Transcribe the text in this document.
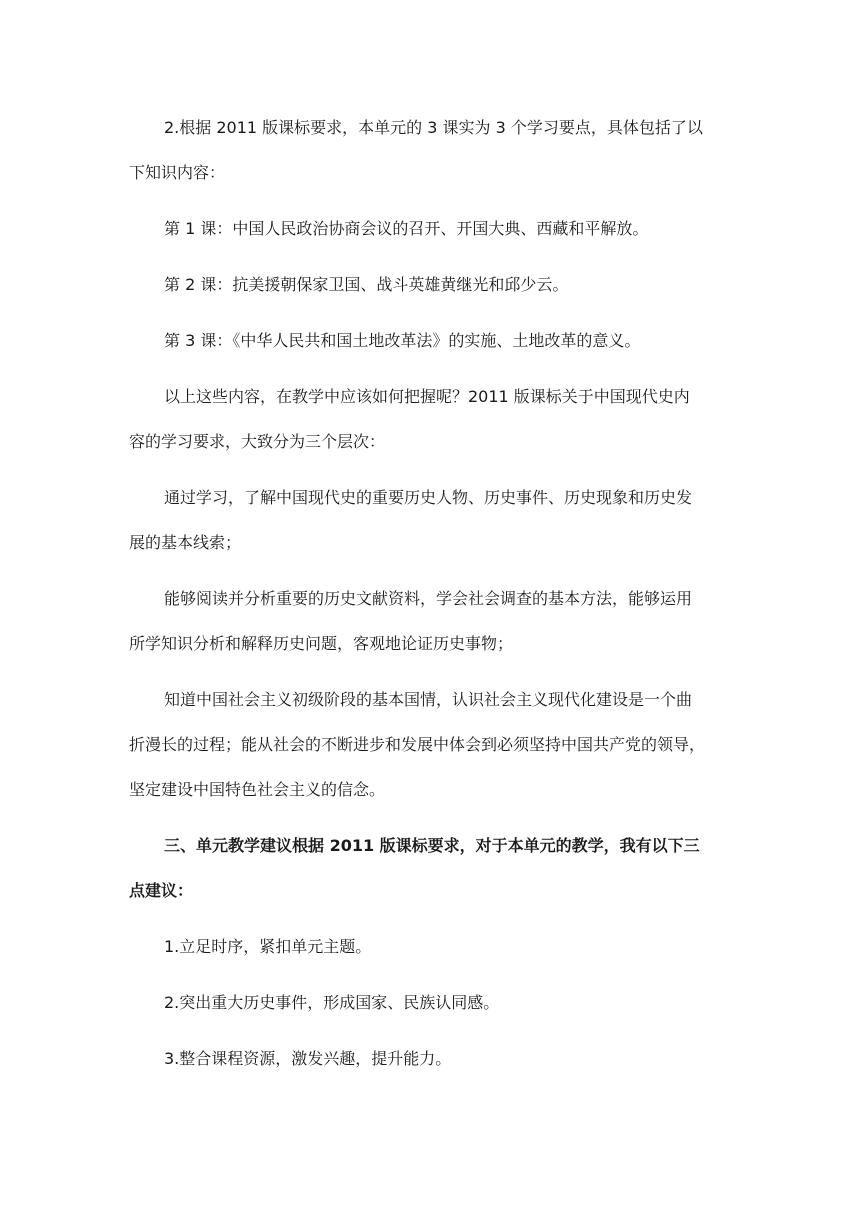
2.根据 2011 版课标要求，本单元的 3 课实为 3 个学习要点，具体包括了以
下知识内容：
第 1 课：中国人民政治协商会议的召开、开国大典、西藏和平解放。
第 2 课：抗美援朝保家卫国、战斗英雄黄继光和邱少云。
第 3 课：《中华人民共和国土地改革法》的实施、土地改革的意义。
以上这些内容，在教学中应该如何把握呢？2011 版课标关于中国现代史内
容的学习要求，大致分为三个层次：
通过学习，了解中国现代史的重要历史人物、历史事件、历史现象和历史发
展的基本线索；
能够阅读并分析重要的历史文献资料，学会社会调查的基本方法，能够运用
所学知识分析和解释历史问题，客观地论证历史事物；
知道中国社会主义初级阶段的基本国情，认识社会主义现代化建设是一个曲
折漫长的过程；能从社会的不断进步和发展中体会到必须坚持中国共产党的领导，
坚定建设中国特色社会主义的信念。
三、单元教学建议根据 2011 版课标要求，对于本单元的教学，我有以下三
点建议：
1.立足时序，紧扣单元主题。
2.突出重大历史事件，形成国家、民族认同感。
3.整合课程资源，激发兴趣，提升能力。
